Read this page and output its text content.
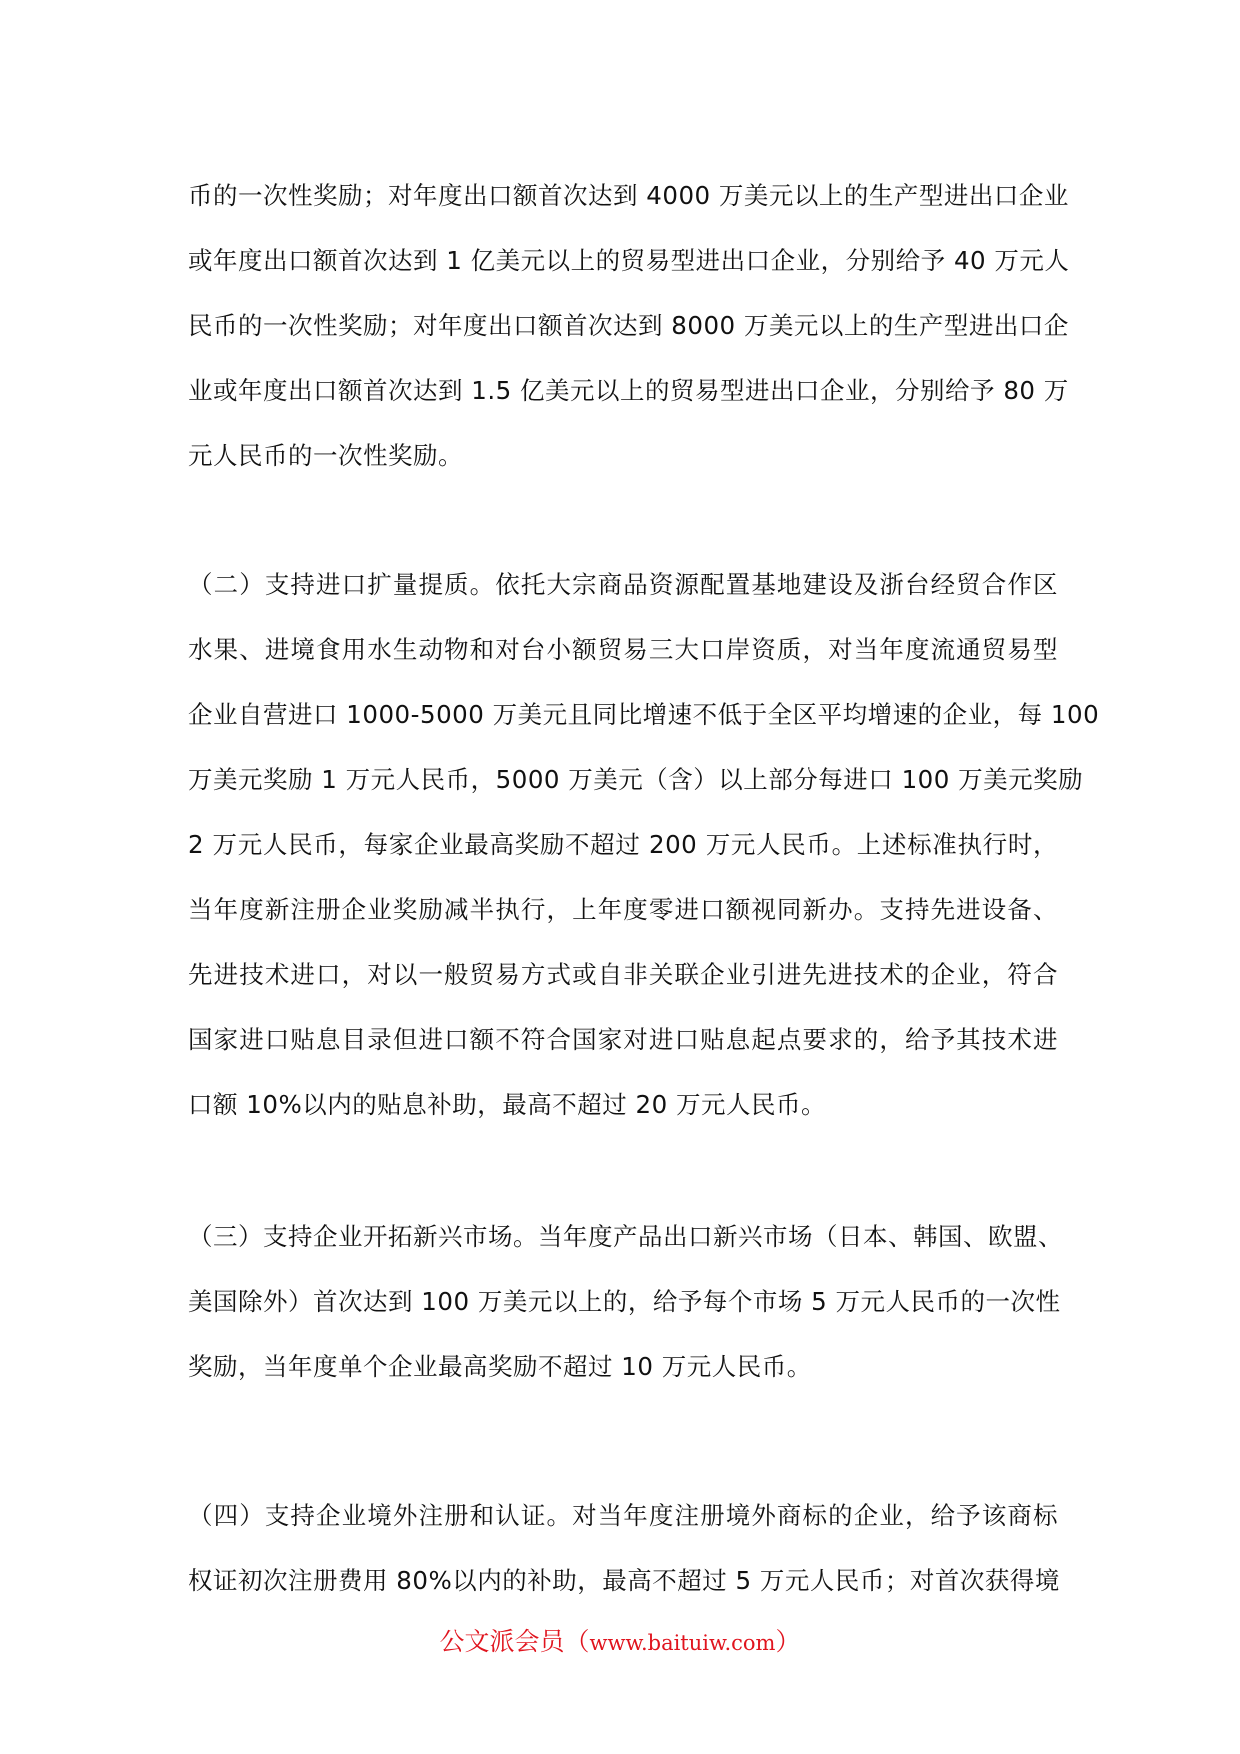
币的一次性奖励；对年度出口额首次达到 4000 万美元以上的生产型进出口企业
或年度出口额首次达到 1 亿美元以上的贸易型进出口企业，分别给予 40 万元人
民币的一次性奖励；对年度出口额首次达到 8000 万美元以上的生产型进出口企
业或年度出口额首次达到 1.5 亿美元以上的贸易型进出口企业，分别给予 80 万
元人民币的一次性奖励。
（二）支持进口扩量提质。依托大宗商品资源配置基地建设及浙台经贸合作区
水果、进境食用水生动物和对台小额贸易三大口岸资质，对当年度流通贸易型
企业自营进口 1000-5000 万美元且同比增速不低于全区平均增速的企业，每 100
万美元奖励 1 万元人民币，5000 万美元（含）以上部分每进口 100 万美元奖励
2 万元人民币，每家企业最高奖励不超过 200 万元人民币。上述标准执行时，
当年度新注册企业奖励减半执行，上年度零进口额视同新办。支持先进设备、
先进技术进口，对以一般贸易方式或自非关联企业引进先进技术的企业，符合
国家进口贴息目录但进口额不符合国家对进口贴息起点要求的，给予其技术进
口额 10%以内的贴息补助，最高不超过 20 万元人民币。
（三）支持企业开拓新兴市场。当年度产品出口新兴市场（日本、韩国、欧盟、
美国除外）首次达到 100 万美元以上的，给予每个市场 5 万元人民币的一次性
奖励，当年度单个企业最高奖励不超过 10 万元人民币。
（四）支持企业境外注册和认证。对当年度注册境外商标的企业，给予该商标
权证初次注册费用 80%以内的补助，最高不超过 5 万元人民币；对首次获得境
公文派会员（www.baituiw.com）
